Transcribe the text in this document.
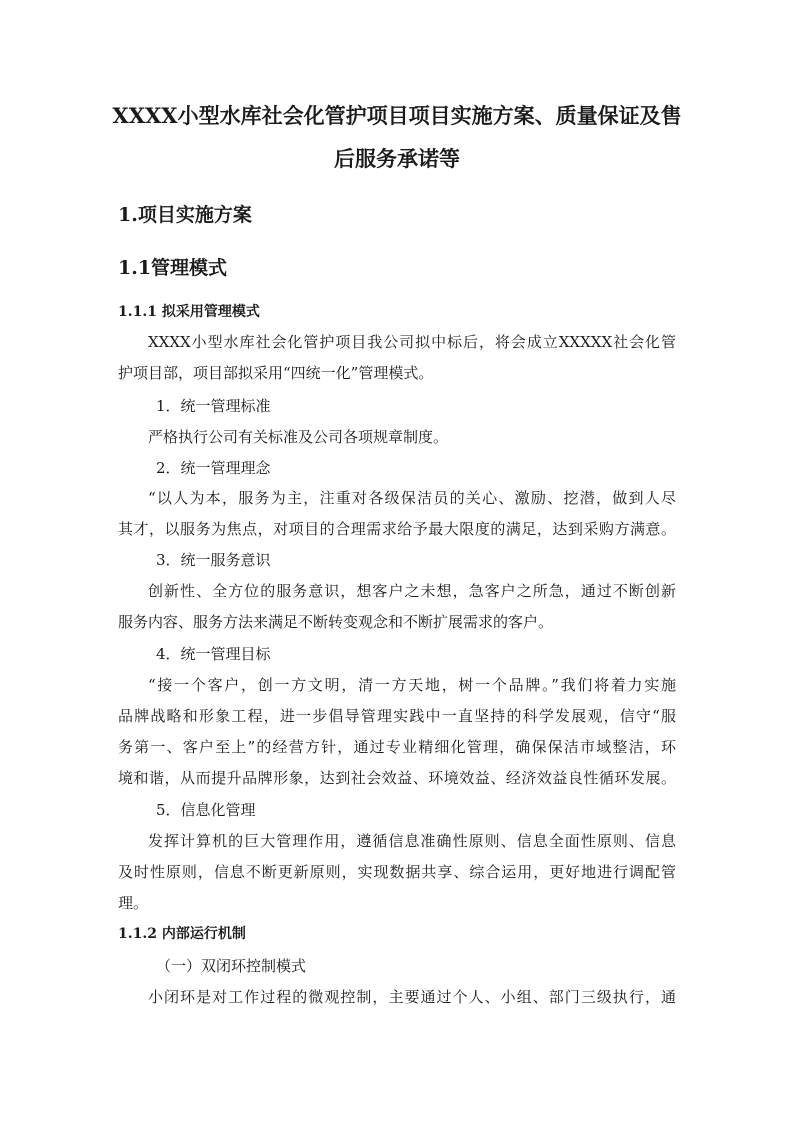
XXXX小型水库社会化管护项目项目实施方案、质量保证及售
后服务承诺等
1.项目实施方案
1.1管理模式
1.1.1 拟采用管理模式

XXXX小型水库社会化管护项目我公司拟中标后，将会成立XXXXX社会化管

护项目部，项目部拟采用“四统一化”管理模式。

1．统一管理标准

严格执行公司有关标准及公司各项规章制度。

2．统一管理理念

“以人为本，服务为主，注重对各级保洁员的关心、激励、挖潜，做到人尽

其才，以服务为焦点，对项目的合理需求给予最大限度的满足，达到采购方满意。

3．统一服务意识

创新性、全方位的服务意识，想客户之未想，急客户之所急，通过不断创新

服务内容、服务方法来满足不断转变观念和不断扩展需求的客户。

4．统一管理目标

“接一个客户，创一方文明，清一方天地，树一个品牌。”我们将着力实施

品牌战略和形象工程，进一步倡导管理实践中一直坚持的科学发展观，信守“服

务第一、客户至上”的经营方针，通过专业精细化管理，确保保洁市域整洁，环

境和谐，从而提升品牌形象，达到社会效益、环境效益、经济效益良性循环发展。

5．信息化管理

发挥计算机的巨大管理作用，遵循信息准确性原则、信息全面性原则、信息

及时性原则，信息不断更新原则，实现数据共享、综合运用，更好地进行调配管

理。

1.1.2 内部运行机制

（一）双闭环控制模式

小闭环是对工作过程的微观控制，主要通过个人、小组、部门三级执行，通
